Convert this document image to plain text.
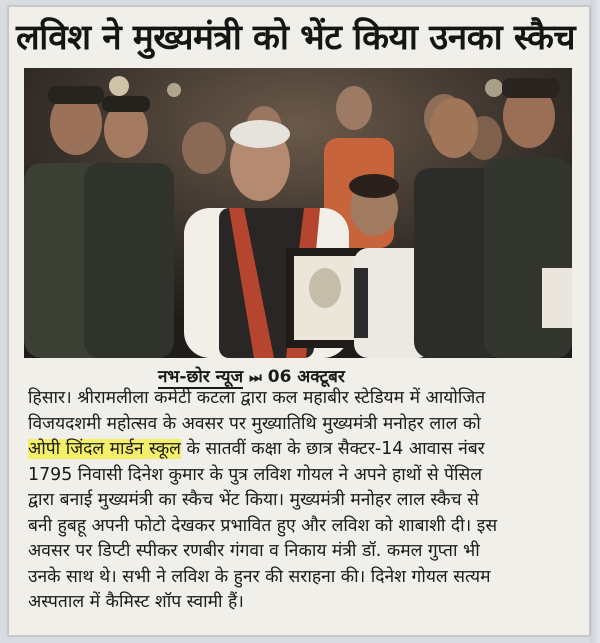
लविश ने मुख्यमंत्री को भेंट किया उनका स्कैच
नभ-छोर न्यूज ⏭ 06 अक्टूबर
हिसार। श्रीरामलीला कमेटी कटला द्वारा कल महाबीर स्टेडियम में आयोजित
विजयदशमी महोत्सव के अवसर पर मुख्यातिथि मुख्यमंत्री मनोहर लाल को
ओपी जिंदल मार्डन स्कूल के सातवीं कक्षा के छात्र सैक्टर-14 आवास नंबर
1795 निवासी दिनेश कुमार के पुत्र लविश गोयल ने अपने हाथों से पेंसिल
द्वारा बनाई मुख्यमंत्री का स्कैच भेंट किया। मुख्यमंत्री मनोहर लाल स्कैच से
बनी हुबहू अपनी फोटो देखकर प्रभावित हुए और लविश को शाबाशी दी। इस
अवसर पर डिप्टी स्पीकर रणबीर गंगवा व निकाय मंत्री डॉ. कमल गुप्ता भी
उनके साथ थे। सभी ने लविश के हुनर की सराहना की। दिनेश गोयल सत्यम
अस्पताल में कैमिस्ट शॉप स्वामी हैं।
